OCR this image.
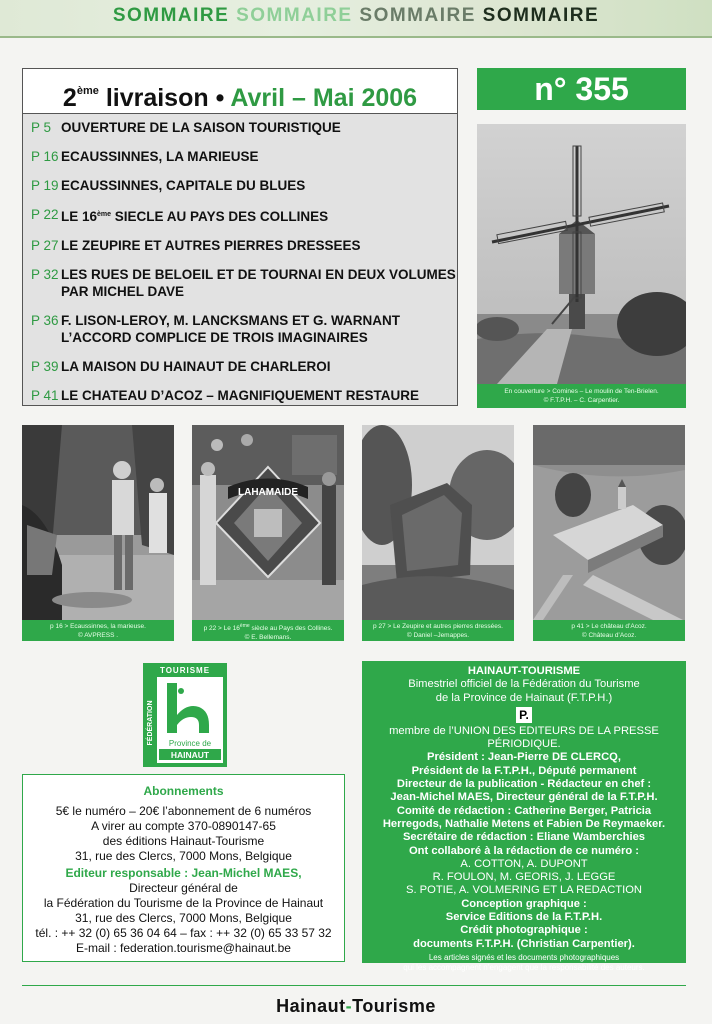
SOMMAIRE SOMMAIRE SOMMAIRE SOMMAIRE
2ème livraison • Avril – Mai 2006
P 5 OUVERTURE DE LA SAISON TOURISTIQUE
P 16 ECAUSSINNES, LA MARIEUSE
P 19 ECAUSSINNES, CAPITALE DU BLUES
P 22 LE 16ème SIECLE AU PAYS DES COLLINES
P 27 LE ZEUPIRE ET AUTRES PIERRES DRESSEES
P 32 LES RUES DE BELOEIL ET DE TOURNAI EN DEUX VOLUMES
PAR MICHEL DAVE
P 36 F. LISON-LEROY, M. LANCKSMANS ET G. WARNANT
L’ACCORD COMPLICE DE TROIS IMAGINAIRES
P 39 LA MAISON DU HAINAUT DE CHARLEROI
P 41 LE CHATEAU D’ACOZ – MAGNIFIQUEMENT RESTAURE
n° 355
En couverture > Comines – Le moulin de Ten-Brielen.
© F.T.P.H. – C. Carpentier.
p 16 > Ecaussinnes, la marieuse.
© AVPRESS .
LAHAMAIDE
p 22 > Le 16ème siècle au Pays des Collines.
© E. Bellemans.
p 27 > Le Zeupire et autres pierres dressées.
© Daniel –Jemappes.
p 41 > Le château d’Acoz.
© Château d’Acoz.
TOURISME
FÉDÉRATION Province de
HAINAUT
Abonnements
5€ le numéro – 20€ l’abonnement de 6 numéros
A virer au compte 370-0890147-65
des éditions Hainaut-Tourisme
31, rue des Clercs, 7000 Mons, Belgique
Editeur responsable : Jean-Michel MAES,
Directeur général de
la Fédération du Tourisme de la Province de Hainaut
31, rue des Clercs, 7000 Mons, Belgique
tél. : ++ 32 (0) 65 36 04 64 – fax : ++ 32 (0) 65 33 57 32
E-mail : federation.tourisme@hainaut.be
HAINAUT-TOURISME
Bimestriel officiel de la Fédération du Tourisme
de la Province de Hainaut (F.T.P.H.)
P.
membre de l’UNION DES EDITEURS DE LA PRESSE PÉRIODIQUE.
Président : Jean-Pierre DE CLERCQ,
Président de la F.T.P.H., Député permanent
Directeur de la publication - Rédacteur en chef :
Jean-Michel MAES, Directeur général de la F.T.P.H.
Comité de rédaction : Catherine Berger, Patricia
Herregods, Nathalie Metens et Fabien De Reymaeker.
Secrétaire de rédaction : Eliane Wamberchies
Ont collaboré à la rédaction de ce numéro :
A. COTTON, A. DUPONT
R. FOULON, M. GEORIS, J. LEGGE
S. POTIE, A. VOLMERING ET LA REDACTION
Conception graphique :
Service Editions de la F.T.P.H.
Crédit photographique :
documents F.T.P.H. (Christian Carpentier).
Les articles signés et les documents photographiques
qui les accompagnent n’engagent que la responsabilité des auteurs.
Hainaut-Tourisme
